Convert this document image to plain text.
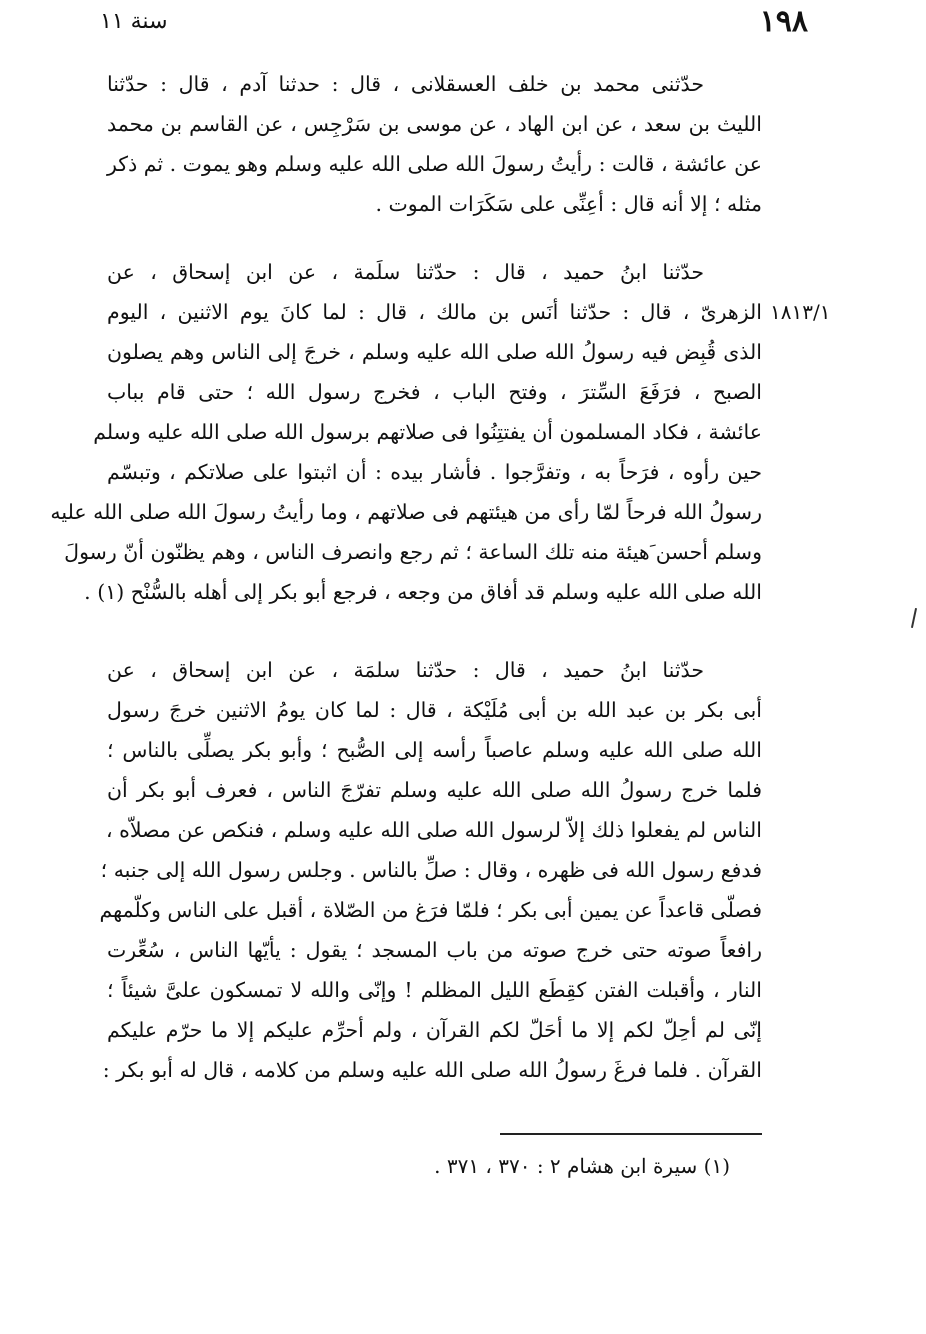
١٩٨
سنة ١١
حدّثنى محمد بن خلف العسقلانى ، قال : حدثنا آدم ، قال : حدّثنا
الليث بن سعد ، عن ابن الهاد ، عن موسى بن سَرْجِس ، عن القاسم بن محمد
عن عائشة ، قالت : رأيتُ رسولَ الله صلى الله عليه وسلم وهو يموت . ثم ذكر
مثله ؛ إلا أنه قال : أعِنِّى على سَكَرَات الموت .
١٨١٣/١
حدّثنا ابنُ حميد ، قال : حدّثنا سلَمة ، عن ابن إسحاق ، عن
الزهرىّ ، قال : حدّثنا أنَس بن مالك ، قال : لما كانَ يوم الاثنين ، اليوم
الذى قُبِض فيه رسولُ الله صلى الله عليه وسلم ، خرجَ إلى الناس وهم يصلون
الصبح ، فرَفَعَ السِّترَ ، وفتح الباب ، فخرج رسول الله ؛ حتى قام بباب
عائشة ، فكاد المسلمون أن يفتتِنُوا فى صلاتهم برسول الله صلى الله عليه وسلم
حين رأوه ، فرَحاً به ، وتفرَّجوا . فأشار بيده : أن اثبتوا على صلاتكم ، وتبسّم
رسولُ الله فرحاً لمّا رأى من هيئتهم فى صلاتهم ، وما رأيتُ رسولَ الله صلى الله عليه
وسلم أحسن َهيئة منه تلك الساعة ؛ ثم رجع وانصرف الناس ، وهم يظنّون أنّ رسولَ
الله صلى الله عليه وسلم قد أفاق من وجعه ، فرجع أبو بكر إلى أهله بالسُّنْح (١) .
حدّثنا ابنُ حميد ، قال : حدّثنا سلمَة ، عن ابن إسحاق ، عن
أبى بكر بن عبد الله بن أبى مُلَيْكة ، قال : لما كان يومُ الاثنين خرجَ رسول
الله صلى الله عليه وسلم عاصباً رأسه إلى الصُّبح ؛ وأبو بكر يصلِّى بالناس ؛
فلما خرج رسولُ الله صلى الله عليه وسلم تفرّجَ الناس ، فعرف أبو بكر أن
الناس لم يفعلوا ذلك إلاّ لرسول الله صلى الله عليه وسلم ، فنكص عن مصلاّه ،
فدفع رسول الله فى ظهره ، وقال : صلِّ بالناس . وجلس رسول الله إلى جنبه ؛
فصلّى قاعداً عن يمين أبى بكر ؛ فلمّا فرَغ من الصّلاة ، أقبل على الناس وكلّمهم
رافعاً صوته حتى خرج صوته من باب المسجد ؛ يقول : يأيّها الناس ، سُعِّرت
النار ، وأقبلت الفتن كقِطَع الليل المظلم ! وإنّى والله لا تمسكون علىَّ شيئاً ؛
إنّى لم أحِلّ لكم إلا ما أحَلّ لكم القرآن ، ولم أحرِّم عليكم إلا ما حرّم عليكم
القرآن . فلما فرغَ رسولُ الله صلى الله عليه وسلم من كلامه ، قال له أبو بكر :
(١) سيرة ابن هشام ٢ : ٣٧٠ ، ٣٧١ .
